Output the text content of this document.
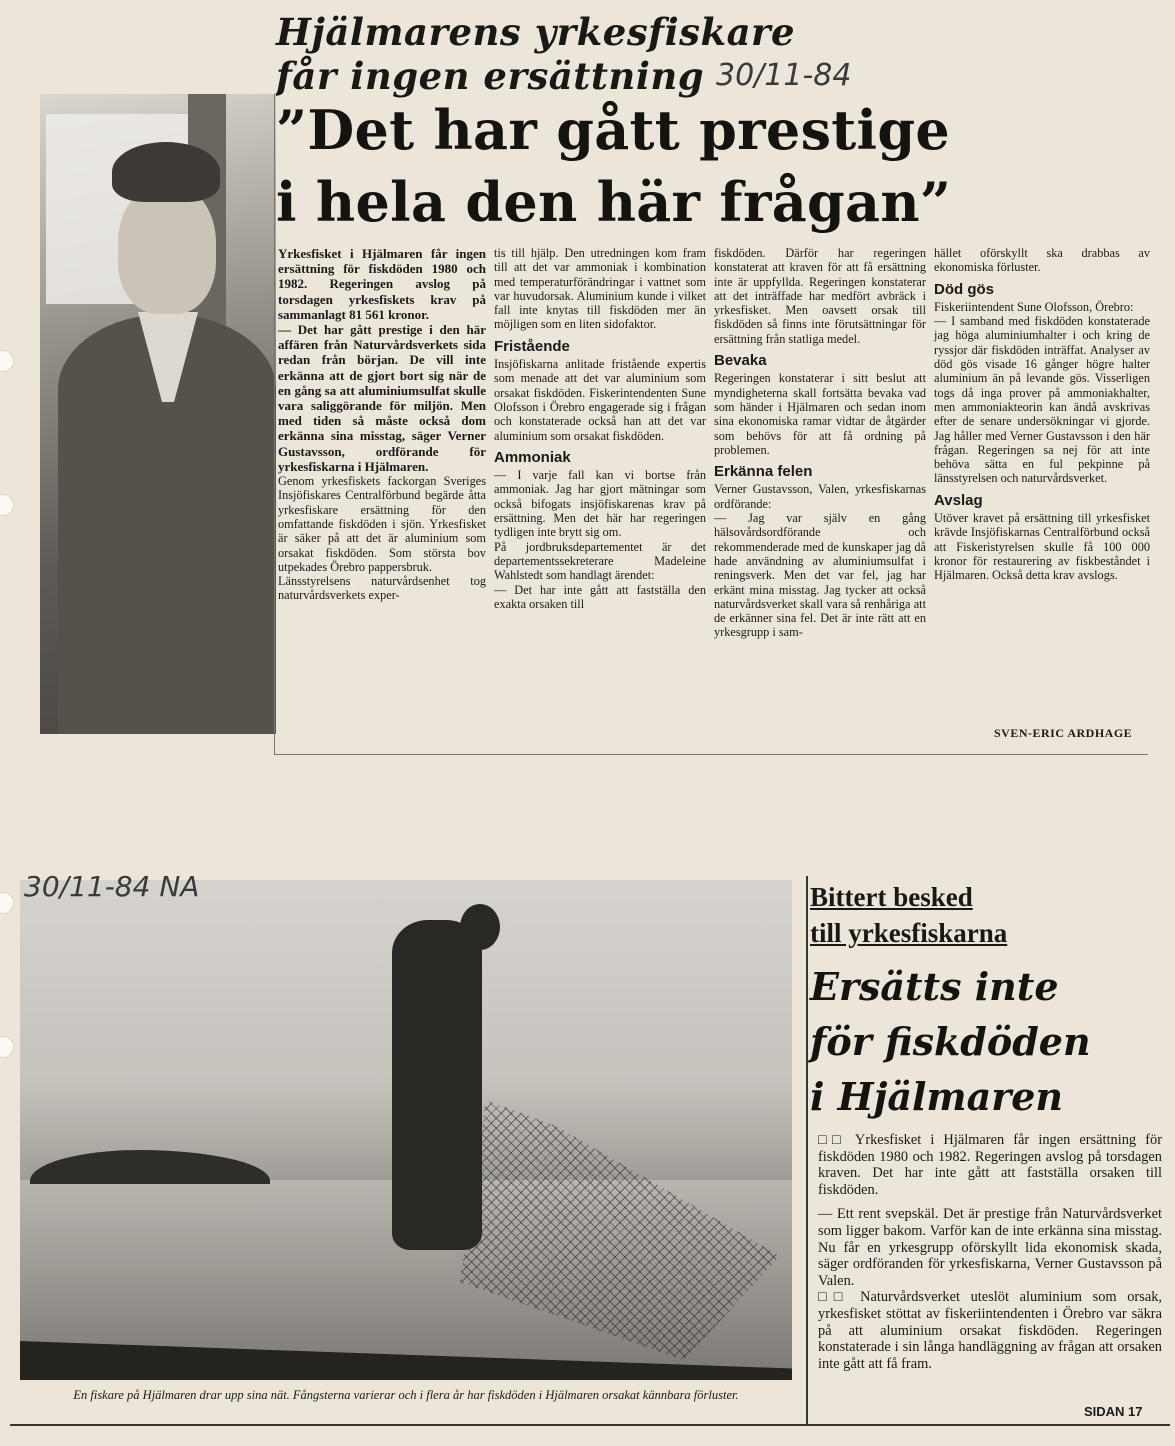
Hjälmarens yrkesfiskare
får ingen ersättning 30/11-84
”Det har gått prestige
i hela den här frågan”

Yrkesfisket i Hjälmaren får ingen ersättning för fiskdöden 1980 och 1982. Regeringen avslog på torsdagen yrkesfiskets krav på sammanlagt 81 561 kronor.

— Det har gått prestige i den här affären från Naturvårdsverkets sida redan från början. De vill inte erkänna att de gjort bort sig när de en gång sa att aluminiumsulfat skulle vara saliggörande för miljön. Men med tiden så måste också dom erkänna sina misstag, säger Verner Gustavsson, ordförande för yrkesfiskarna i Hjälmaren.

Genom yrkesfiskets fackorgan Sveriges Insjöfiskares Centralförbund begärde åtta yrkesfiskare ersättning för den omfattande fiskdöden i sjön. Yrkesfisket är säker på att det är aluminium som orsakat fiskdöden. Som största bov utpekades Örebro pappersbruk.

Länsstyrelsens naturvårdsenhet tog naturvårdsverkets exper-

tis till hjälp. Den utredningen kom fram till att det var ammoniak i kombination med temperaturförändringar i vattnet som var huvudorsak. Aluminium kunde i vilket fall inte knytas till fiskdöden mer än möjligen som en liten sidofaktor.

Fristående

Insjöfiskarna anlitade fristående expertis som menade att det var aluminium som orsakat fiskdöden. Fiskerintendenten Sune Olofsson i Örebro engagerade sig i frågan och konstaterade också han att det var aluminium som orsakat fiskdöden.

Ammoniak

— I varje fall kan vi bortse från ammoniak. Jag har gjort mätningar som också bifogats insjöfiskarenas krav på ersättning. Men det här har regeringen tydligen inte brytt sig om.

På jordbruksdepartementet är det departementssekreterare Madeleine Wahlstedt som handlagt ärendet:

— Det har inte gått att fastställa den exakta orsaken till

fiskdöden. Därför har regeringen konstaterat att kraven för att få ersättning inte är uppfyllda. Regeringen konstaterar att det inträffade har medfört avbräck i yrkesfisket. Men oavsett orsak till fiskdöden så finns inte förutsättningar för ersättning från statliga medel.

Bevaka

Regeringen konstaterar i sitt beslut att myndigheterna skall fortsätta bevaka vad som händer i Hjälmaren och sedan inom sina ekonomiska ramar vidtar de åtgärder som behövs för att få ordning på problemen.

Erkänna felen

Verner Gustavsson, Valen, yrkesfiskarnas ordförande:

— Jag var själv en gång hälsovårdsordförande och rekommenderade med de kunskaper jag då hade användning av aluminiumsulfat i reningsverk. Men det var fel, jag har erkänt mina misstag. Jag tycker att också naturvårdsverket skall vara så renhåriga att de erkänner sina fel. Det är inte rätt att en yrkesgrupp i sam-

hället oförskyllt ska drabbas av ekonomiska förluster.

Död gös

Fiskeriintendent Sune Olofsson, Örebro:

— I samband med fiskdöden konstaterade jag höga aluminiumhalter i och kring de ryssjor där fiskdöden inträffat. Analyser av död gös visade 16 gånger högre halter aluminium än på levande gös. Visserligen togs då inga prover på ammoniakhalter, men ammoniakteorin kan ändå avskrivas efter de senare undersökningar vi gjorde. Jag håller med Verner Gustavsson i den här frågan. Regeringen sa nej för att inte behöva sätta en ful pekpinne på länsstyrelsen och naturvårdsverket.

Avslag

Utöver kravet på ersättning till yrkesfisket krävde Insjöfiskarnas Centralförbund också att Fiskeristyrelsen skulle få 100 000 kronor för restaurering av fiskbeståndet i Hjälmaren. Också detta krav avslogs.

SVEN-ERIC ARDHAGE
30/11-84 NA
En fiskare på Hjälmaren drar upp sina nät. Fångsterna varierar och i flera år har fiskdöden i Hjälmaren orsakat kännbara förluster.
Bittert besked
till yrkesfiskarna
Ersätts inte
för fiskdöden
i Hjälmaren

□□ Yrkesfisket i Hjälmaren får ingen ersättning för fiskdöden 1980 och 1982. Regeringen avslog på torsdagen kraven. Det har inte gått att fastställa orsaken till fiskdöden.

— Ett rent svepskäl. Det är prestige från Naturvårdsverket som ligger bakom. Varför kan de inte erkänna sina misstag. Nu får en yrkesgrupp oförskyllt lida ekonomisk skada, säger ordföranden för yrkesfiskarna, Verner Gustavsson på Valen.

□□ Naturvårdsverket uteslöt aluminium som orsak, yrkesfisket stöttat av fiskeriintendenten i Örebro var säkra på att aluminium orsakat fiskdöden. Regeringen konstaterade i sin långa handläggning av frågan att orsaken inte gått att få fram.

SIDAN 17
